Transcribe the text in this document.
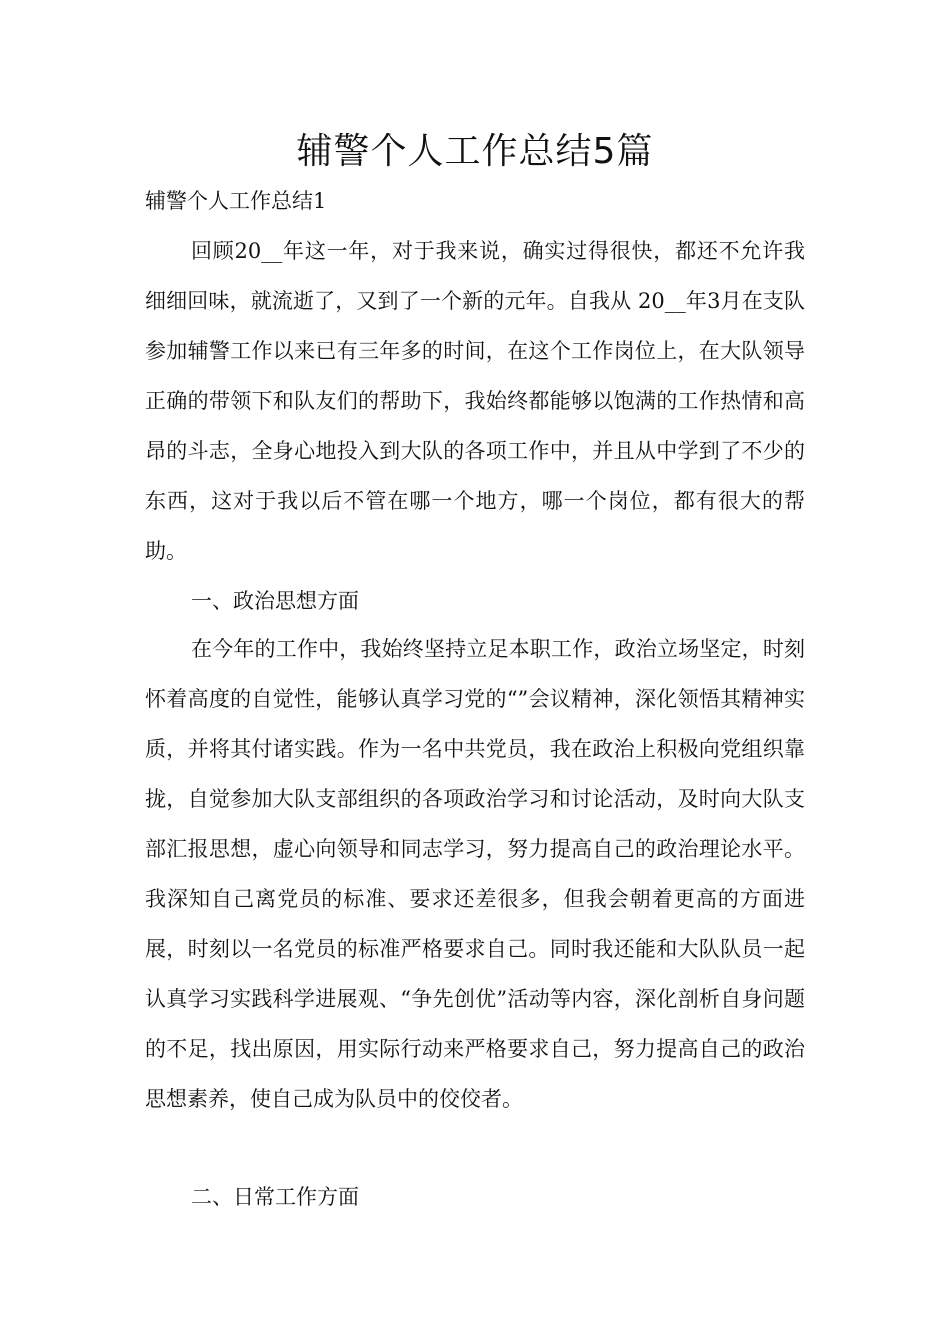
辅警个人工作总结5篇

辅警个人工作总结1

回顾20__年这一年，对于我来说，确实过得很快，都还不允许我细细回味，就流逝了，又到了一个新的元年。自我从 20__年3月在支队参加辅警工作以来已有三年多的时间，在这个工作岗位上，在大队领导正确的带领下和队友们的帮助下，我始终都能够以饱满的工作热情和高昂的斗志，全身心地投入到大队的各项工作中，并且从中学到了不少的东西，这对于我以后不管在哪一个地方，哪一个岗位，都有很大的帮助。

一、政治思想方面

在今年的工作中，我始终坚持立足本职工作，政治立场坚定，时刻怀着高度的自觉性，能够认真学习党的“”会议精神，深化领悟其精神实质，并将其付诸实践。作为一名中共党员，我在政治上积极向党组织靠拢，自觉参加大队支部组织的各项政治学习和讨论活动，及时向大队支部汇报思想，虚心向领导和同志学习，努力提高自己的政治理论水平。我深知自己离党员的标准、要求还差很多，但我会朝着更高的方面进展，时刻以一名党员的标准严格要求自己。同时我还能和大队队员一起认真学习实践科学进展观、“争先创优”活动等内容，深化剖析自身问题的不足，找出原因，用实际行动来严格要求自己，努力提高自己的政治思想素养，使自己成为队员中的佼佼者。

二、日常工作方面
